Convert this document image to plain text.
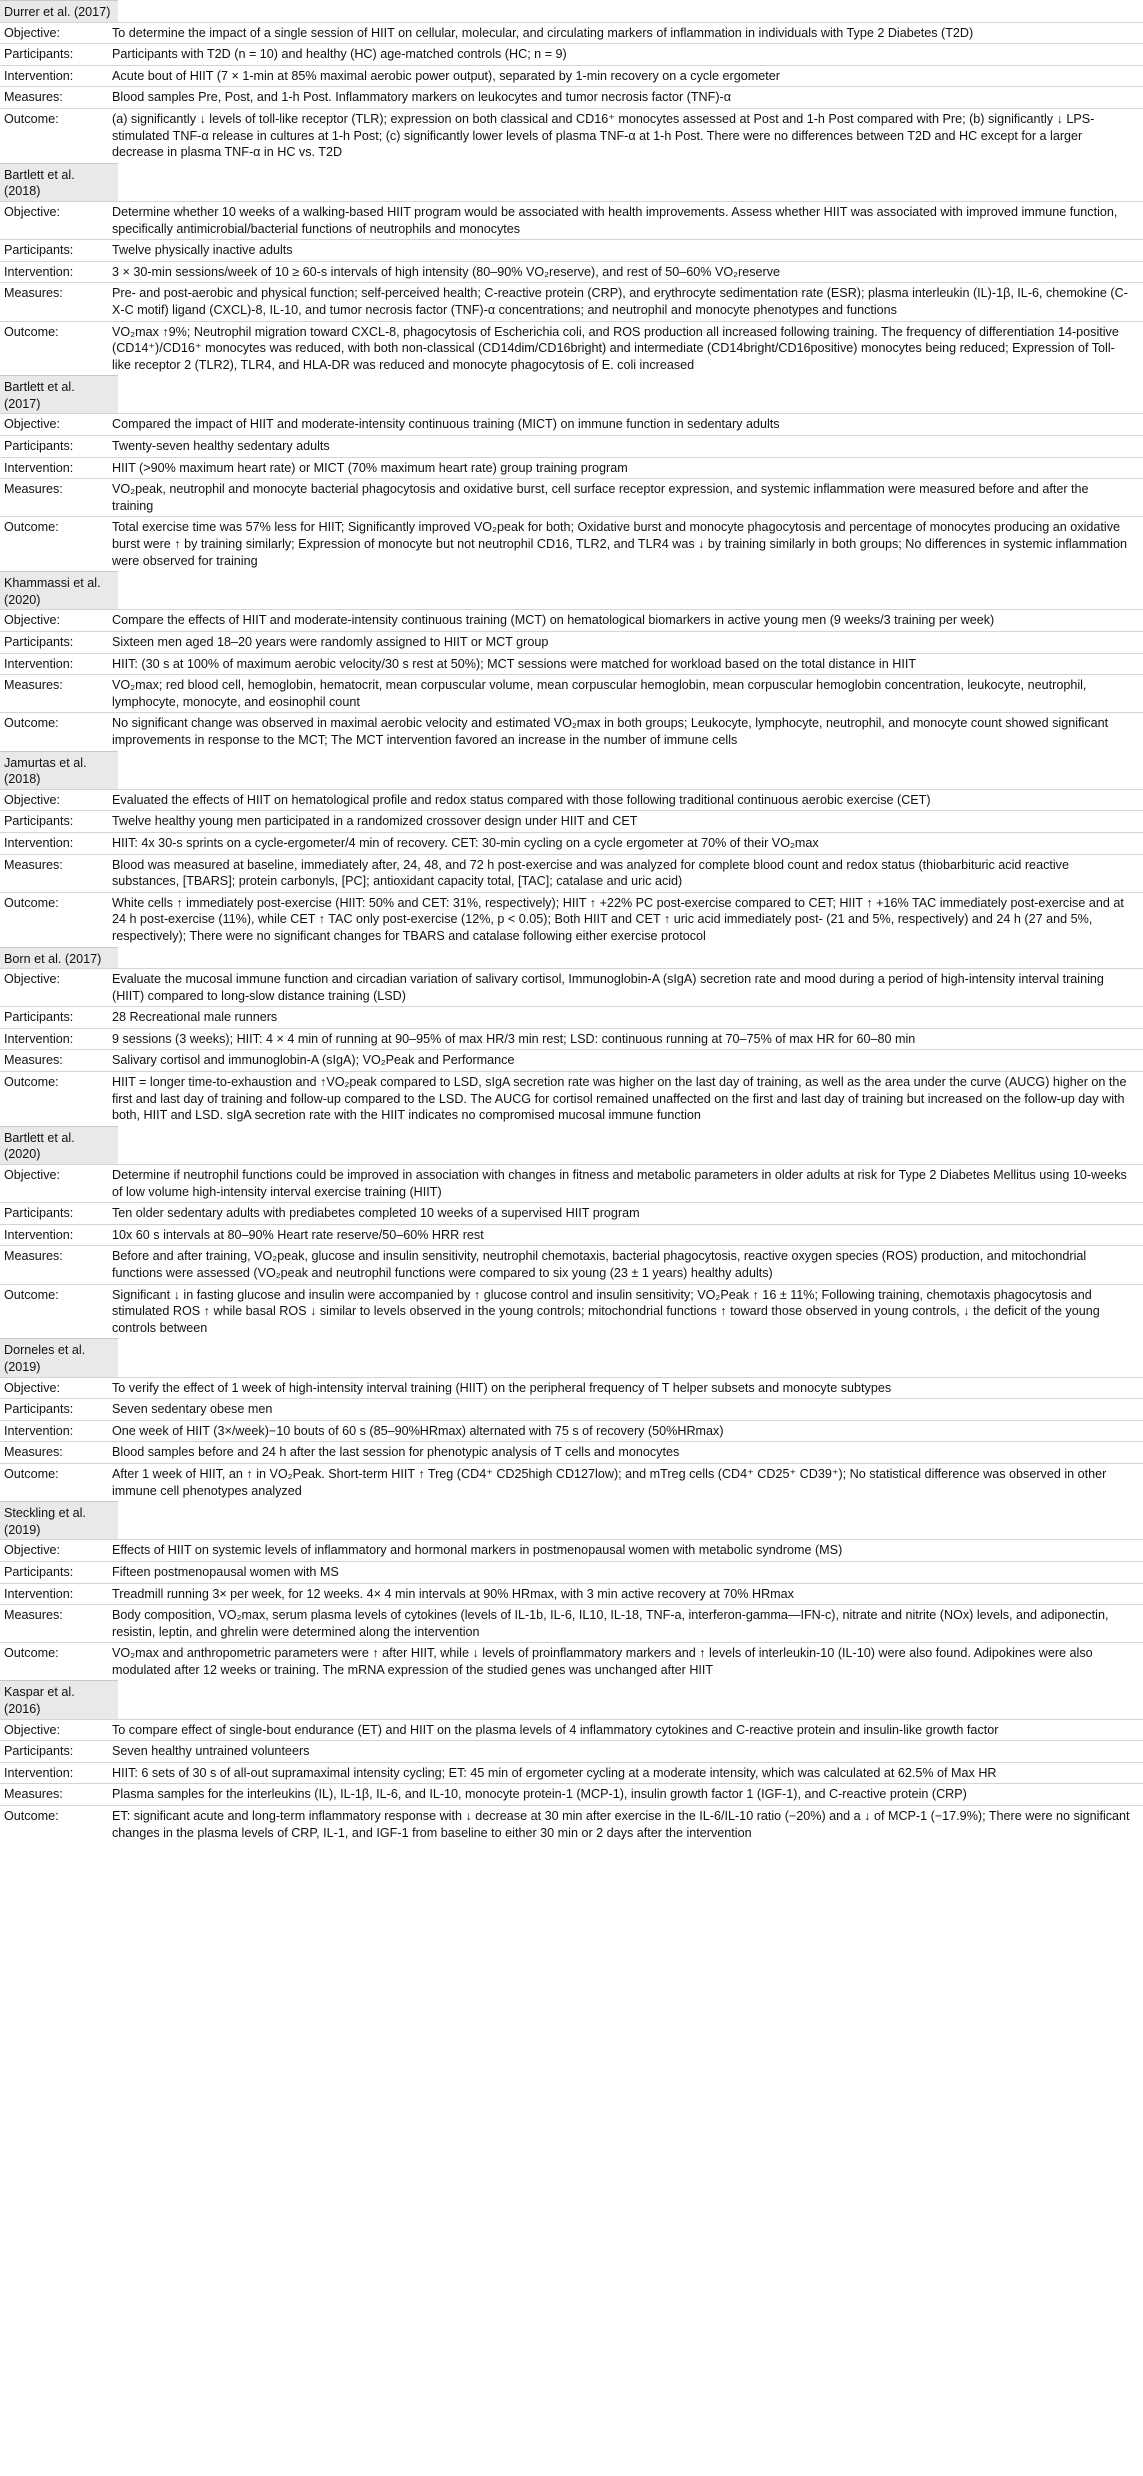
Durrer et al. (2017)
Objective:	To determine the impact of a single session of HIIT on cellular, molecular, and circulating markers of inflammation in individuals with Type 2 Diabetes (T2D)
Participants:	Participants with T2D (n = 10) and healthy (HC) age-matched controls (HC; n = 9)
Intervention:	Acute bout of HIIT (7 × 1-min at 85% maximal aerobic power output), separated by 1-min recovery on a cycle ergometer
Measures:	Blood samples Pre, Post, and 1-h Post. Inflammatory markers on leukocytes and tumor necrosis factor (TNF)-α
Outcome:	(a) significantly ↓ levels of toll-like receptor (TLR); expression on both classical and CD16⁺ monocytes assessed at Post and 1-h Post compared with Pre; (b) significantly ↓ LPS-stimulated TNF-α release in cultures at 1-h Post; (c) significantly lower levels of plasma TNF-α at 1-h Post. There were no differences between T2D and HC except for a larger decrease in plasma TNF-α in HC vs. T2D
Bartlett et al. (2018)
Objective:	Determine whether 10 weeks of a walking-based HIIT program would be associated with health improvements. Assess whether HIIT was associated with improved immune function, specifically antimicrobial/bacterial functions of neutrophils and monocytes
Participants:	Twelve physically inactive adults
Intervention:	3 × 30-min sessions/week of 10 ≥ 60-s intervals of high intensity (80–90% VO₂reserve), and rest of 50–60% VO₂reserve
Measures:	Pre- and post-aerobic and physical function; self-perceived health; C-reactive protein (CRP), and erythrocyte sedimentation rate (ESR); plasma interleukin (IL)-1β, IL-6, chemokine (C-X-C motif) ligand (CXCL)-8, IL-10, and tumor necrosis factor (TNF)-α concentrations; and neutrophil and monocyte phenotypes and functions
Outcome:	VO₂max ↑9%; Neutrophil migration toward CXCL-8, phagocytosis of Escherichia coli, and ROS production all increased following training. The frequency of differentiation 14-positive (CD14⁺)/CD16⁺ monocytes was reduced, with both non-classical (CD14dim/CD16bright) and intermediate (CD14bright/CD16positive) monocytes being reduced; Expression of Toll-like receptor 2 (TLR2), TLR4, and HLA-DR was reduced and monocyte phagocytosis of E. coli increased
Bartlett et al. (2017)
Objective:	Compared the impact of HIIT and moderate-intensity continuous training (MICT) on immune function in sedentary adults
Participants:	Twenty-seven healthy sedentary adults
Intervention:	HIIT (>90% maximum heart rate) or MICT (70% maximum heart rate) group training program
Measures:	VO₂peak, neutrophil and monocyte bacterial phagocytosis and oxidative burst, cell surface receptor expression, and systemic inflammation were measured before and after the training
Outcome:	Total exercise time was 57% less for HIIT; Significantly improved VO₂peak for both; Oxidative burst and monocyte phagocytosis and percentage of monocytes producing an oxidative burst were ↑ by training similarly; Expression of monocyte but not neutrophil CD16, TLR2, and TLR4 was ↓ by training similarly in both groups; No differences in systemic inflammation were observed for training
Khammassi et al. (2020)
Objective:	Compare the effects of HIIT and moderate-intensity continuous training (MCT) on hematological biomarkers in active young men (9 weeks/3 training per week)
Participants:	Sixteen men aged 18–20 years were randomly assigned to HIIT or MCT group
Intervention:	HIIT: (30 s at 100% of maximum aerobic velocity/30 s rest at 50%); MCT sessions were matched for workload based on the total distance in HIIT
Measures:	VO₂max; red blood cell, hemoglobin, hematocrit, mean corpuscular volume, mean corpuscular hemoglobin, mean corpuscular hemoglobin concentration, leukocyte, neutrophil, lymphocyte, monocyte, and eosinophil count
Outcome:	No significant change was observed in maximal aerobic velocity and estimated VO₂max in both groups; Leukocyte, lymphocyte, neutrophil, and monocyte count showed significant improvements in response to the MCT; The MCT intervention favored an increase in the number of immune cells
Jamurtas et al. (2018)
Objective:	Evaluated the effects of HIIT on hematological profile and redox status compared with those following traditional continuous aerobic exercise (CET)
Participants:	Twelve healthy young men participated in a randomized crossover design under HIIT and CET
Intervention:	HIIT: 4x 30-s sprints on a cycle-ergometer/4 min of recovery. CET: 30-min cycling on a cycle ergometer at 70% of their VO₂max
Measures:	Blood was measured at baseline, immediately after, 24, 48, and 72 h post-exercise and was analyzed for complete blood count and redox status (thiobarbituric acid reactive substances, [TBARS]; protein carbonyls, [PC]; antioxidant capacity total, [TAC]; catalase and uric acid)
Outcome:	White cells ↑ immediately post-exercise (HIIT: 50% and CET: 31%, respectively); HIIT ↑ +22% PC post-exercise compared to CET; HIIT ↑ +16% TAC immediately post-exercise and at 24 h post-exercise (11%), while CET ↑ TAC only post-exercise (12%, p < 0.05); Both HIIT and CET ↑ uric acid immediately post- (21 and 5%, respectively) and 24 h (27 and 5%, respectively); There were no significant changes for TBARS and catalase following either exercise protocol
Born et al. (2017)
Objective:	Evaluate the mucosal immune function and circadian variation of salivary cortisol, Immunoglobin-A (sIgA) secretion rate and mood during a period of high-intensity interval training (HIIT) compared to long-slow distance training (LSD)
Participants:	28 Recreational male runners
Intervention:	9 sessions (3 weeks); HIIT: 4 × 4 min of running at 90–95% of max HR/3 min rest; LSD: continuous running at 70–75% of max HR for 60–80 min
Measures:	Salivary cortisol and immunoglobin-A (sIgA); VO₂Peak and Performance
Outcome:	HIIT = longer time-to-exhaustion and ↑VO₂peak compared to LSD, sIgA secretion rate was higher on the last day of training, as well as the area under the curve (AUCG) higher on the first and last day of training and follow-up compared to the LSD. The AUCG for cortisol remained unaffected on the first and last day of training but increased on the follow-up day with both, HIIT and LSD. sIgA secretion rate with the HIIT indicates no compromised mucosal immune function
Bartlett et al. (2020)
Objective:	Determine if neutrophil functions could be improved in association with changes in fitness and metabolic parameters in older adults at risk for Type 2 Diabetes Mellitus using 10-weeks of low volume high-intensity interval exercise training (HIIT)
Participants:	Ten older sedentary adults with prediabetes completed 10 weeks of a supervised HIIT program
Intervention:	10x 60 s intervals at 80–90% Heart rate reserve/50–60% HRR rest
Measures:	Before and after training, VO₂peak, glucose and insulin sensitivity, neutrophil chemotaxis, bacterial phagocytosis, reactive oxygen species (ROS) production, and mitochondrial functions were assessed (VO₂peak and neutrophil functions were compared to six young (23 ± 1 years) healthy adults)
Outcome:	Significant ↓ in fasting glucose and insulin were accompanied by ↑ glucose control and insulin sensitivity; VO₂Peak ↑ 16 ± 11%; Following training, chemotaxis phagocytosis and stimulated ROS ↑ while basal ROS ↓ similar to levels observed in the young controls; mitochondrial functions ↑ toward those observed in young controls, ↓ the deficit of the young controls between
Dorneles et al. (2019)
Objective:	To verify the effect of 1 week of high-intensity interval training (HIIT) on the peripheral frequency of T helper subsets and monocyte subtypes
Participants:	Seven sedentary obese men
Intervention:	One week of HIIT (3×/week)−10 bouts of 60 s (85–90%HRmax) alternated with 75 s of recovery (50%HRmax)
Measures:	Blood samples before and 24 h after the last session for phenotypic analysis of T cells and monocytes
Outcome:	After 1 week of HIIT, an ↑ in VO₂Peak. Short-term HIIT ↑ Treg (CD4⁺ CD25high CD127low); and mTreg cells (CD4⁺ CD25⁺ CD39⁺); No statistical difference was observed in other immune cell phenotypes analyzed
Steckling et al. (2019)
Objective:	Effects of HIIT on systemic levels of inflammatory and hormonal markers in postmenopausal women with metabolic syndrome (MS)
Participants:	Fifteen postmenopausal women with MS
Intervention:	Treadmill running 3× per week, for 12 weeks. 4× 4 min intervals at 90% HRmax, with 3 min active recovery at 70% HRmax
Measures:	Body composition, VO₂max, serum plasma levels of cytokines (levels of IL-1b, IL-6, IL10, IL-18, TNF-a, interferon-gamma—IFN-c), nitrate and nitrite (NOx) levels, and adiponectin, resistin, leptin, and ghrelin were determined along the intervention
Outcome:	VO₂max and anthropometric parameters were ↑ after HIIT, while ↓ levels of proinflammatory markers and ↑ levels of interleukin-10 (IL-10) were also found. Adipokines were also modulated after 12 weeks or training. The mRNA expression of the studied genes was unchanged after HIIT
Kaspar et al. (2016)
Objective:	To compare effect of single-bout endurance (ET) and HIIT on the plasma levels of 4 inflammatory cytokines and C-reactive protein and insulin-like growth factor
Participants:	Seven healthy untrained volunteers
Intervention:	HIIT: 6 sets of 30 s of all-out supramaximal intensity cycling; ET: 45 min of ergometer cycling at a moderate intensity, which was calculated at 62.5% of Max HR
Measures:	Plasma samples for the interleukins (IL), IL-1β, IL-6, and IL-10, monocyte protein-1 (MCP-1), insulin growth factor 1 (IGF-1), and C-reactive protein (CRP)
Outcome:	ET: significant acute and long-term inflammatory response with ↓ decrease at 30 min after exercise in the IL-6/IL-10 ratio (−20%) and a ↓ of MCP-1 (−17.9%); There were no significant changes in the plasma levels of CRP, IL-1, and IGF-1 from baseline to either 30 min or 2 days after the intervention
